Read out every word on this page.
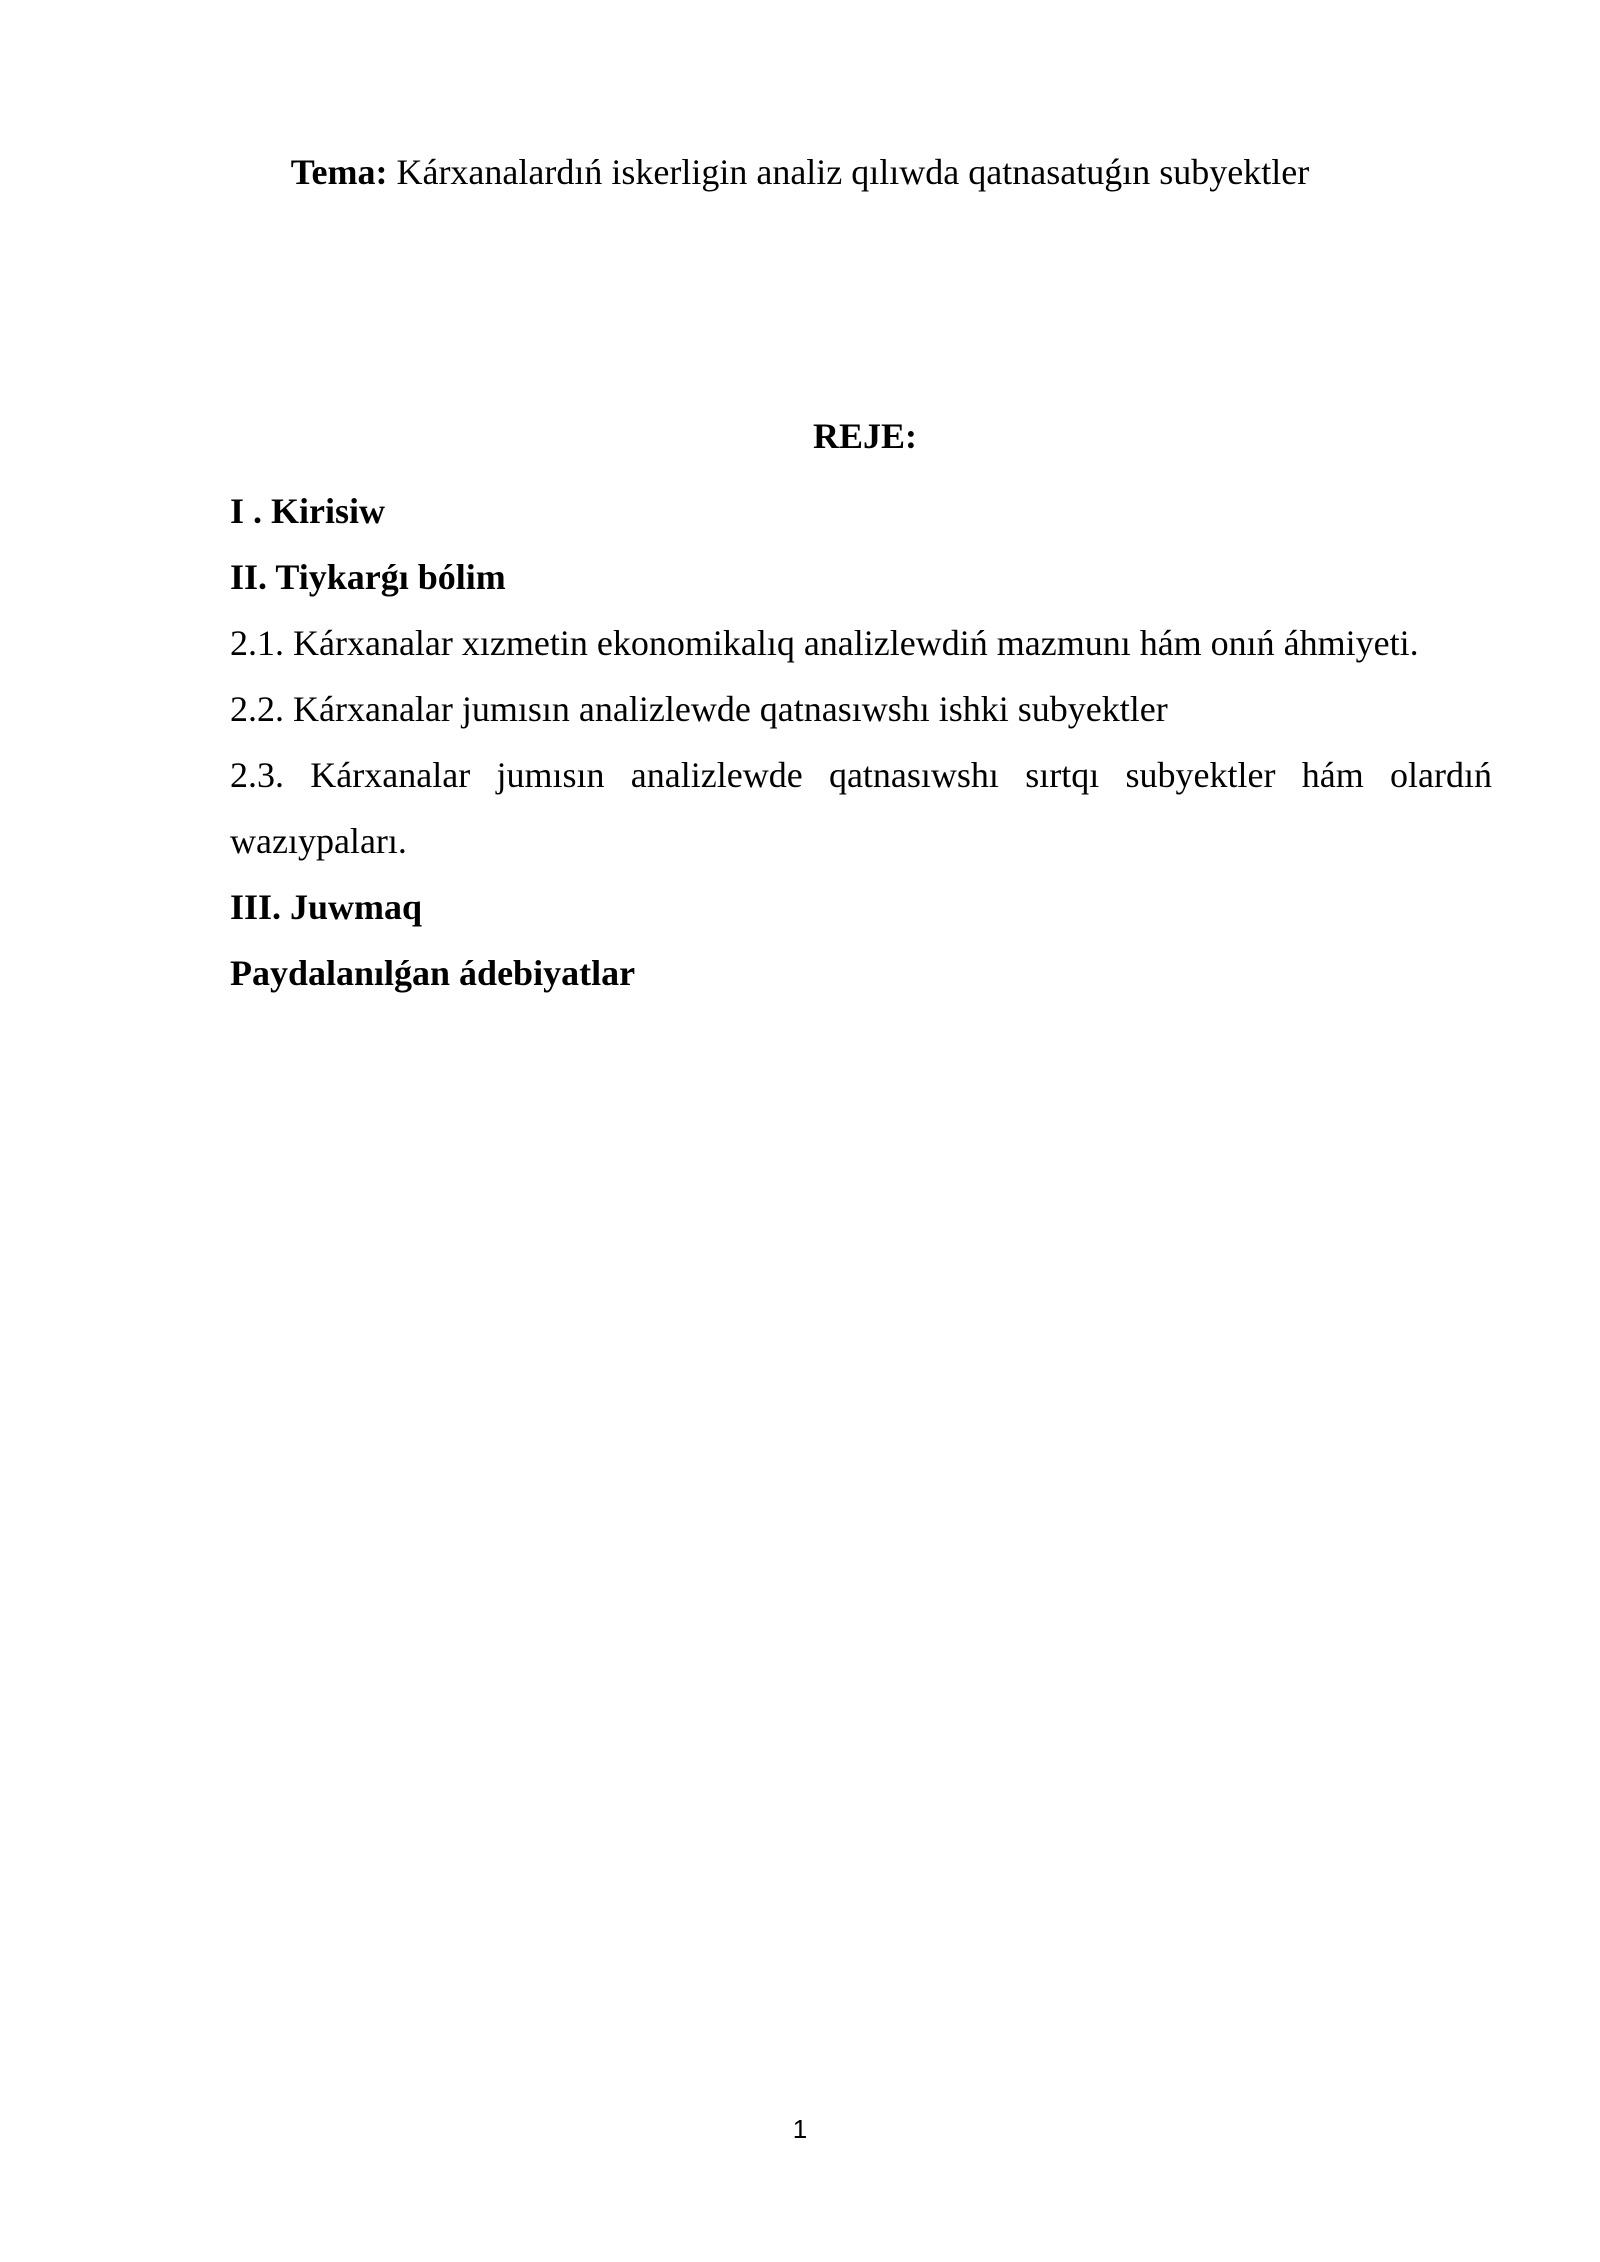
Tema: Kárxanalardıń iskerligin analiz qılıwda qatnasatuǵın subyektler
REJE:
I . Kirisiw
II. Tiykarǵı bólim
2.1. Kárxanalar xızmetin ekonomikalıq analizlewdiń mazmunı hám onıń áhmiyeti.
2.2. Kárxanalar jumısın analizlewde qatnasıwshı ishki subyektler
2.3. Kárxanalar jumısın analizlewde qatnasıwshı sırtqı subyektler hám olardıń wazıypaları.
III. Juwmaq
Paydalanılǵan ádebiyatlar
1
